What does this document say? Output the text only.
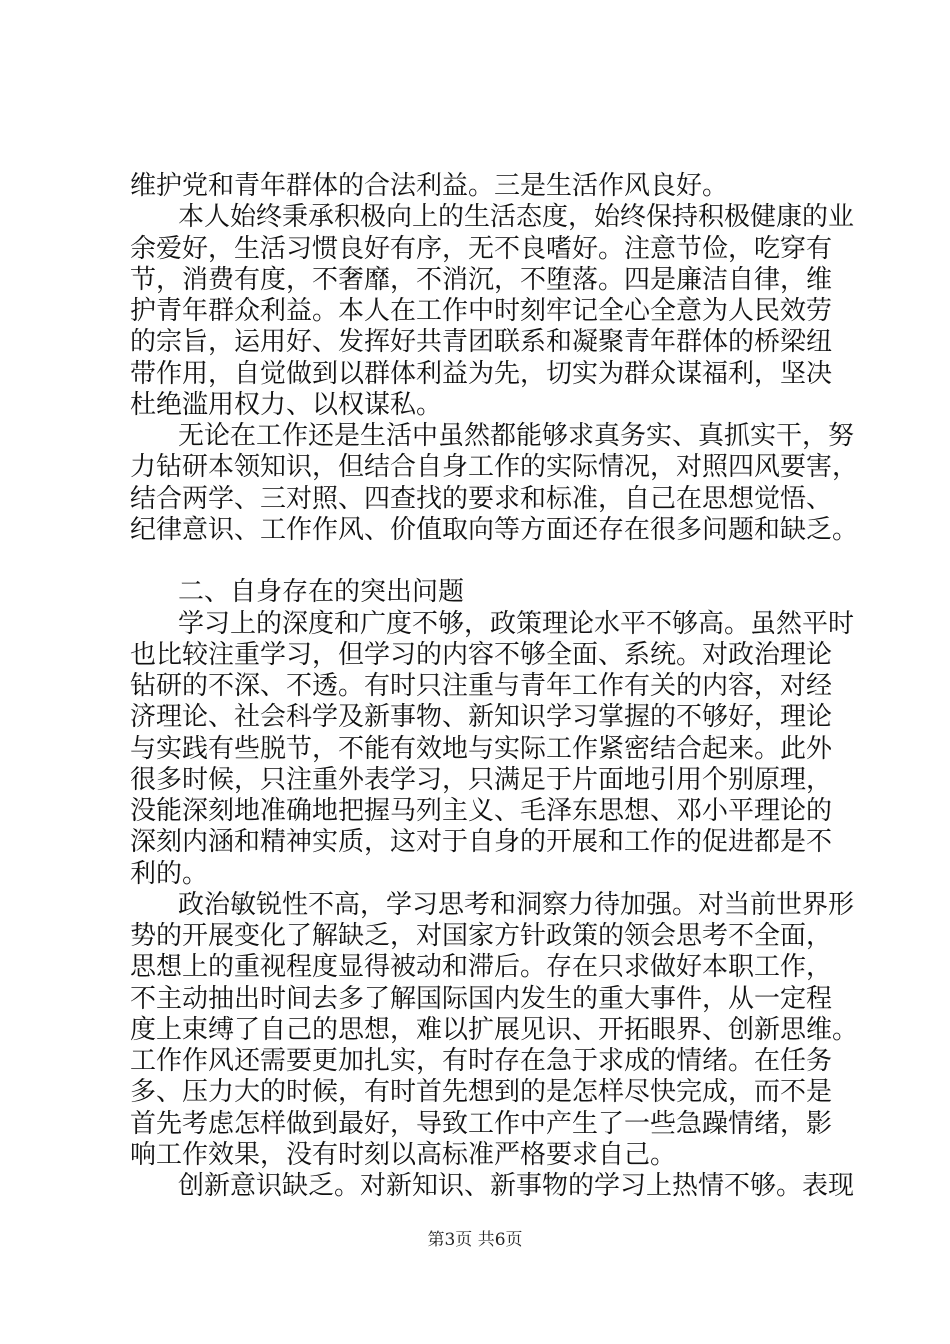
维护党和青年群体的合法利益。三是生活作风良好。
本人始终秉承积极向上的生活态度，始终保持积极健康的业
余爱好，生活习惯良好有序，无不良嗜好。注意节俭，吃穿有
节，消费有度，不奢靡，不消沉，不堕落。四是廉洁自律，维
护青年群众利益。本人在工作中时刻牢记全心全意为人民效劳
的宗旨，运用好、发挥好共青团联系和凝聚青年群体的桥梁纽
带作用，自觉做到以群体利益为先，切实为群众谋福利，坚决
杜绝滥用权力、以权谋私。
无论在工作还是生活中虽然都能够求真务实、真抓实干，努
力钻研本领知识，但结合自身工作的实际情况，对照四风要害，
结合两学、三对照、四查找的要求和标准，自己在思想觉悟、
纪律意识、工作作风、价值取向等方面还存在很多问题和缺乏。
二、自身存在的突出问题
学习上的深度和广度不够，政策理论水平不够高。虽然平时
也比较注重学习，但学习的内容不够全面、系统。对政治理论
钻研的不深、不透。有时只注重与青年工作有关的内容，对经
济理论、社会科学及新事物、新知识学习掌握的不够好，理论
与实践有些脱节，不能有效地与实际工作紧密结合起来。此外
很多时候，只注重外表学习，只满足于片面地引用个别原理，
没能深刻地准确地把握马列主义、毛泽东思想、邓小平理论的
深刻内涵和精神实质，这对于自身的开展和工作的促进都是不
利的。
政治敏锐性不高，学习思考和洞察力待加强。对当前世界形
势的开展变化了解缺乏，对国家方针政策的领会思考不全面，
思想上的重视程度显得被动和滞后。存在只求做好本职工作，
不主动抽出时间去多了解国际国内发生的重大事件，从一定程
度上束缚了自己的思想，难以扩展见识、开拓眼界、创新思维。
工作作风还需要更加扎实，有时存在急于求成的情绪。在任务
多、压力大的时候，有时首先想到的是怎样尽快完成，而不是
首先考虑怎样做到最好，导致工作中产生了一些急躁情绪，影
响工作效果，没有时刻以高标准严格要求自己。
创新意识缺乏。对新知识、新事物的学习上热情不够。表现
第3页 共6页
